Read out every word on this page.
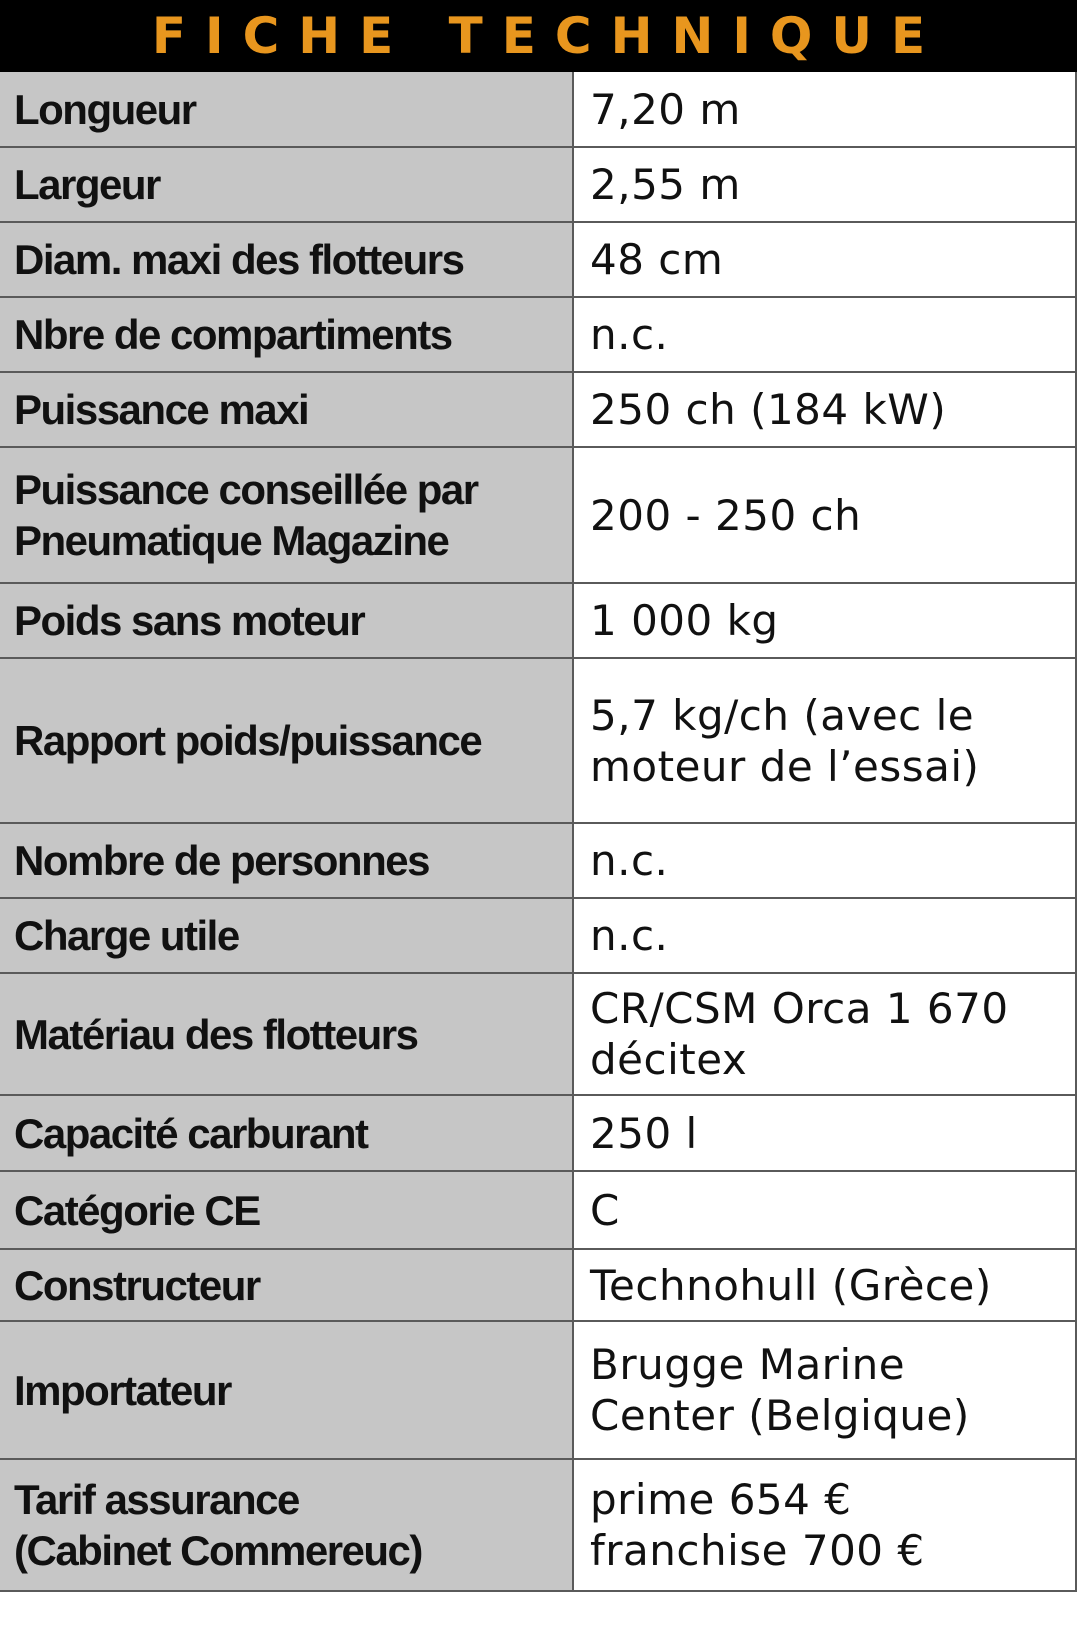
FICHE TECHNIQUE
Longueur	7,20 m
Largeur	2,55 m
Diam. maxi des flotteurs	48 cm
Nbre de compartiments	n.c.
Puissance maxi	250 ch (184 kW)
Puissance conseillée par
Pneumatique Magazine	200 - 250 ch
Poids sans moteur	1 000 kg
Rapport poids/puissance	5,7 kg/ch (avec le
moteur de l’essai)
Nombre de personnes	n.c.
Charge utile	n.c.
Matériau des flotteurs	CR/CSM Orca 1 670
décitex
Capacité carburant	250 l
Catégorie CE	C
Constructeur	Technohull (Grèce)
Importateur	Brugge Marine
Center (Belgique)
Tarif assurance
(Cabinet Commereuc)	prime 654 €
franchise 700 €
